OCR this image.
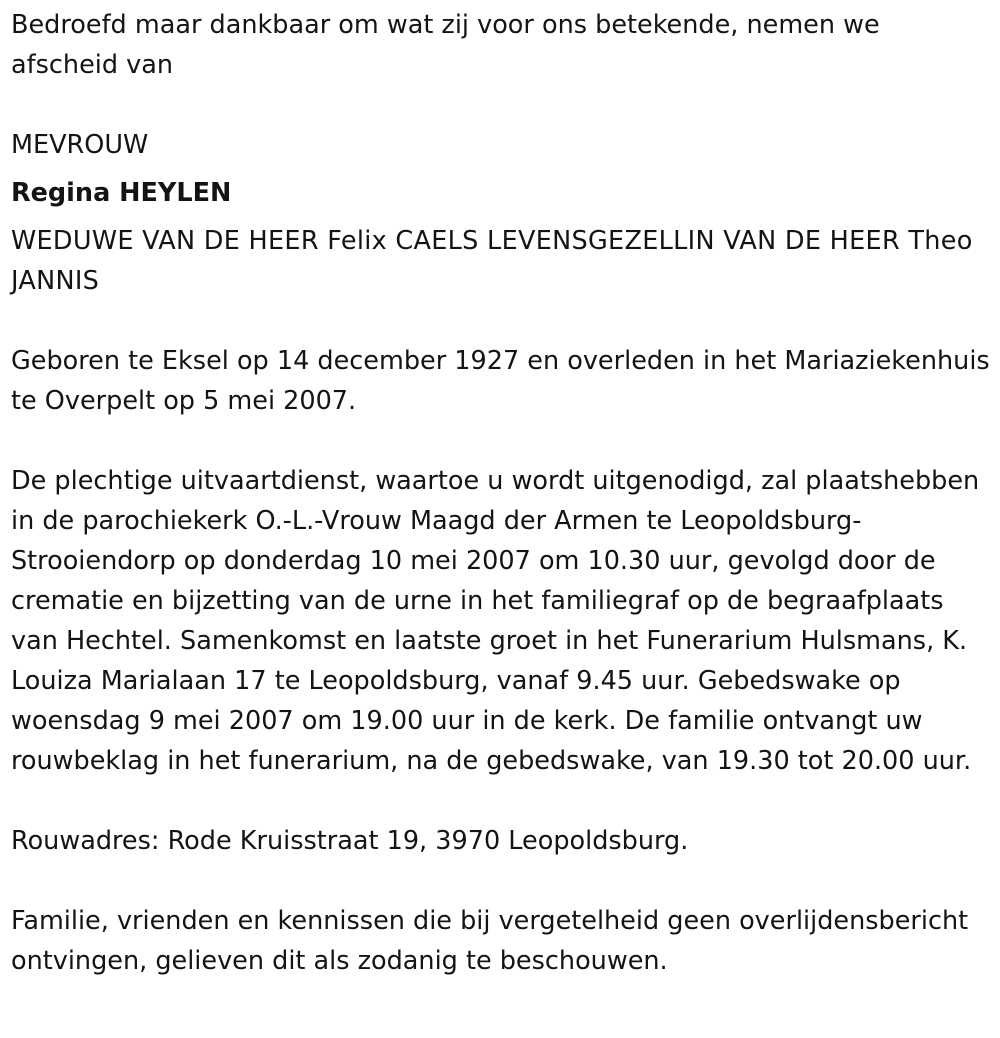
Bedroefd maar dankbaar om wat zij voor ons betekende, nemen we afscheid van

MEVROUW

Regina HEYLEN

WEDUWE VAN DE HEER Felix CAELS LEVENSGEZELLIN VAN DE HEER Theo JANNIS

Geboren te Eksel op 14 december 1927 en overleden in het Mariaziekenhuis te Overpelt op 5 mei 2007.

De plechtige uitvaartdienst, waartoe u wordt uitgenodigd, zal plaatshebben in de parochiekerk O.-L.-Vrouw Maagd der Armen te Leopoldsburg-Strooiendorp op donderdag 10 mei 2007 om 10.30 uur, gevolgd door de crematie en bijzetting van de urne in het familiegraf op de begraafplaats van Hechtel. Samenkomst en laatste groet in het Funerarium Hulsmans, K. Louiza Marialaan 17 te Leopoldsburg, vanaf 9.45 uur. Gebedswake op woensdag 9 mei 2007 om 19.00 uur in de kerk. De familie ontvangt uw rouwbeklag in het funerarium, na de gebedswake, van 19.30 tot 20.00 uur.

Rouwadres: Rode Kruisstraat 19, 3970 Leopoldsburg.

Familie, vrienden en kennissen die bij vergetelheid geen overlijdensbericht ontvingen, gelieven dit als zodanig te beschouwen.
